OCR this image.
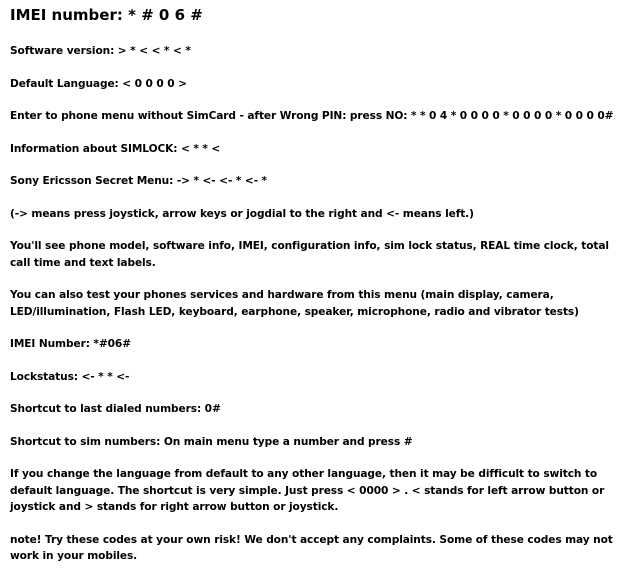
IMEI number: * # 0 6 #
Software version: > * < < * < *
Default Language: < 0 0 0 0 >
Enter to phone menu without SimCard - after Wrong PIN: press NO: * * 0 4 * 0 0 0 0 * 0 0 0 0 * 0 0 0 0#
Information about SIMLOCK: < * * <
Sony Ericsson Secret Menu: -> * <- <- * <- *
(-> means press joystick, arrow keys or jogdial to the right and <- means left.)
You'll see phone model, software info, IMEI, configuration info, sim lock status, REAL time clock, total call time and text labels.
You can also test your phones services and hardware from this menu (main display, camera, LED/illumination, Flash LED, keyboard, earphone, speaker, microphone, radio and vibrator tests)
IMEI Number: *#06#
Lockstatus: <- * * <-
Shortcut to last dialed numbers: 0#
Shortcut to sim numbers: On main menu type a number and press #
If you change the language from default to any other language, then it may be difficult to switch to default language. The shortcut is very simple. Just press < 0000 > . < stands for left arrow button or joystick and > stands for right arrow button or joystick.
note! Try these codes at your own risk! We don't accept any complaints. Some of these codes may not work in your mobiles.
